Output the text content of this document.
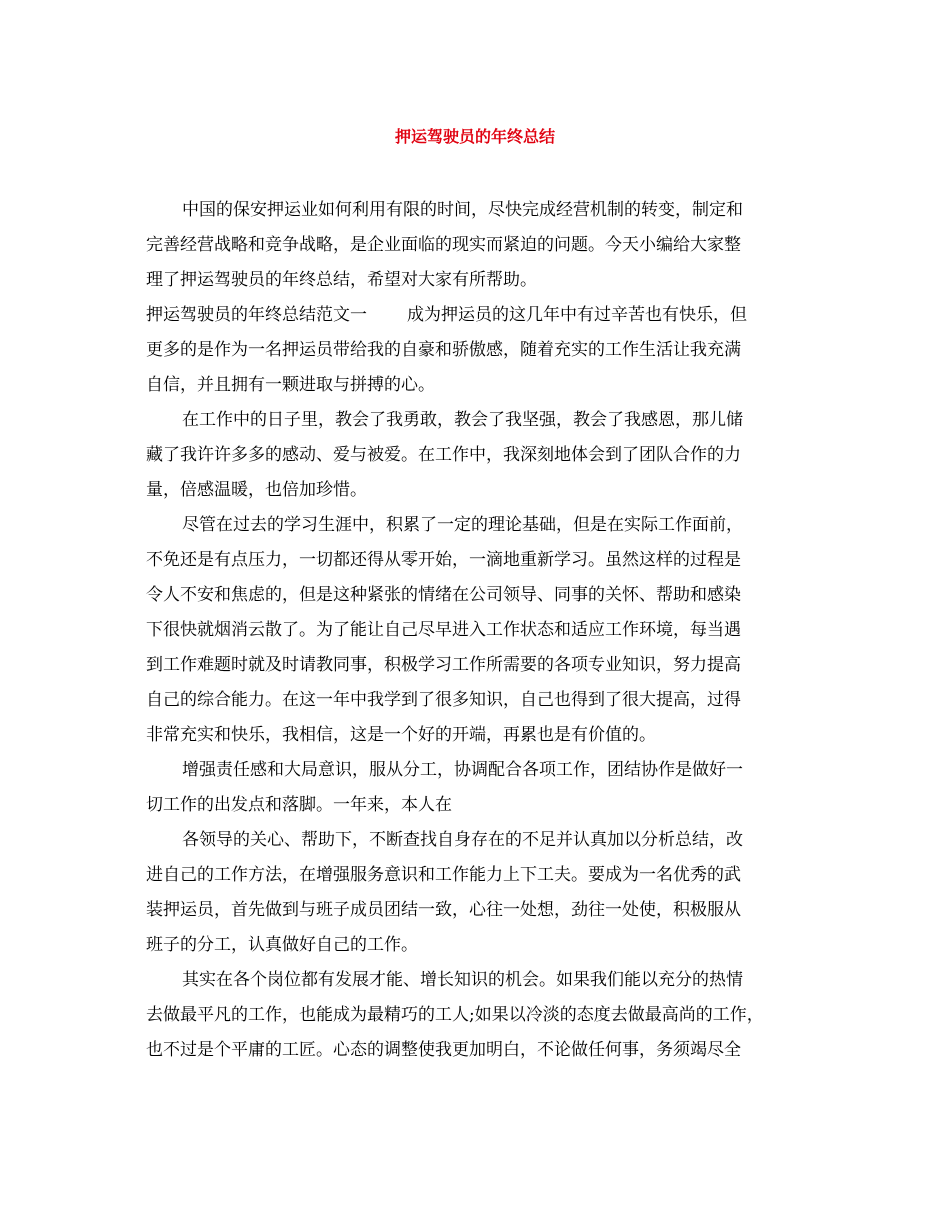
押运驾驶员的年终总结
中国的保安押运业如何利用有限的时间，尽快完成经营机制的转变，制定和
完善经营战略和竞争战略，是企业面临的现实而紧迫的问题。今天小编给大家整
理了押运驾驶员的年终总结，希望对大家有所帮助。
押运驾驶员的年终总结范文一 成为押运员的这几年中有过辛苦也有快乐，但
更多的是作为一名押运员带给我的自豪和骄傲感，随着充实的工作生活让我充满
自信，并且拥有一颗进取与拼搏的心。
在工作中的日子里，教会了我勇敢，教会了我坚强，教会了我感恩，那儿储
藏了我许许多多的感动、爱与被爱。在工作中，我深刻地体会到了团队合作的力
量，倍感温暖，也倍加珍惜。
尽管在过去的学习生涯中，积累了一定的理论基础，但是在实际工作面前，
不免还是有点压力，一切都还得从零开始，一滴地重新学习。虽然这样的过程是
令人不安和焦虑的，但是这种紧张的情绪在公司领导、同事的关怀、帮助和感染
下很快就烟消云散了。为了能让自己尽早进入工作状态和适应工作环境，每当遇
到工作难题时就及时请教同事，积极学习工作所需要的各项专业知识，努力提高
自己的综合能力。在这一年中我学到了很多知识，自己也得到了很大提高，过得
非常充实和快乐，我相信，这是一个好的开端，再累也是有价值的。
增强责任感和大局意识，服从分工，协调配合各项工作，团结协作是做好一
切工作的出发点和落脚。一年来，本人在
各领导的关心、帮助下，不断查找自身存在的不足并认真加以分析总结，改
进自己的工作方法，在增强服务意识和工作能力上下工夫。要成为一名优秀的武
装押运员，首先做到与班子成员团结一致，心往一处想，劲往一处使，积极服从
班子的分工，认真做好自己的工作。
其实在各个岗位都有发展才能、增长知识的机会。如果我们能以充分的热情
去做最平凡的工作，也能成为最精巧的工人;如果以冷淡的态度去做最高尚的工作，
也不过是个平庸的工匠。心态的调整使我更加明白，不论做任何事，务须竭尽全
